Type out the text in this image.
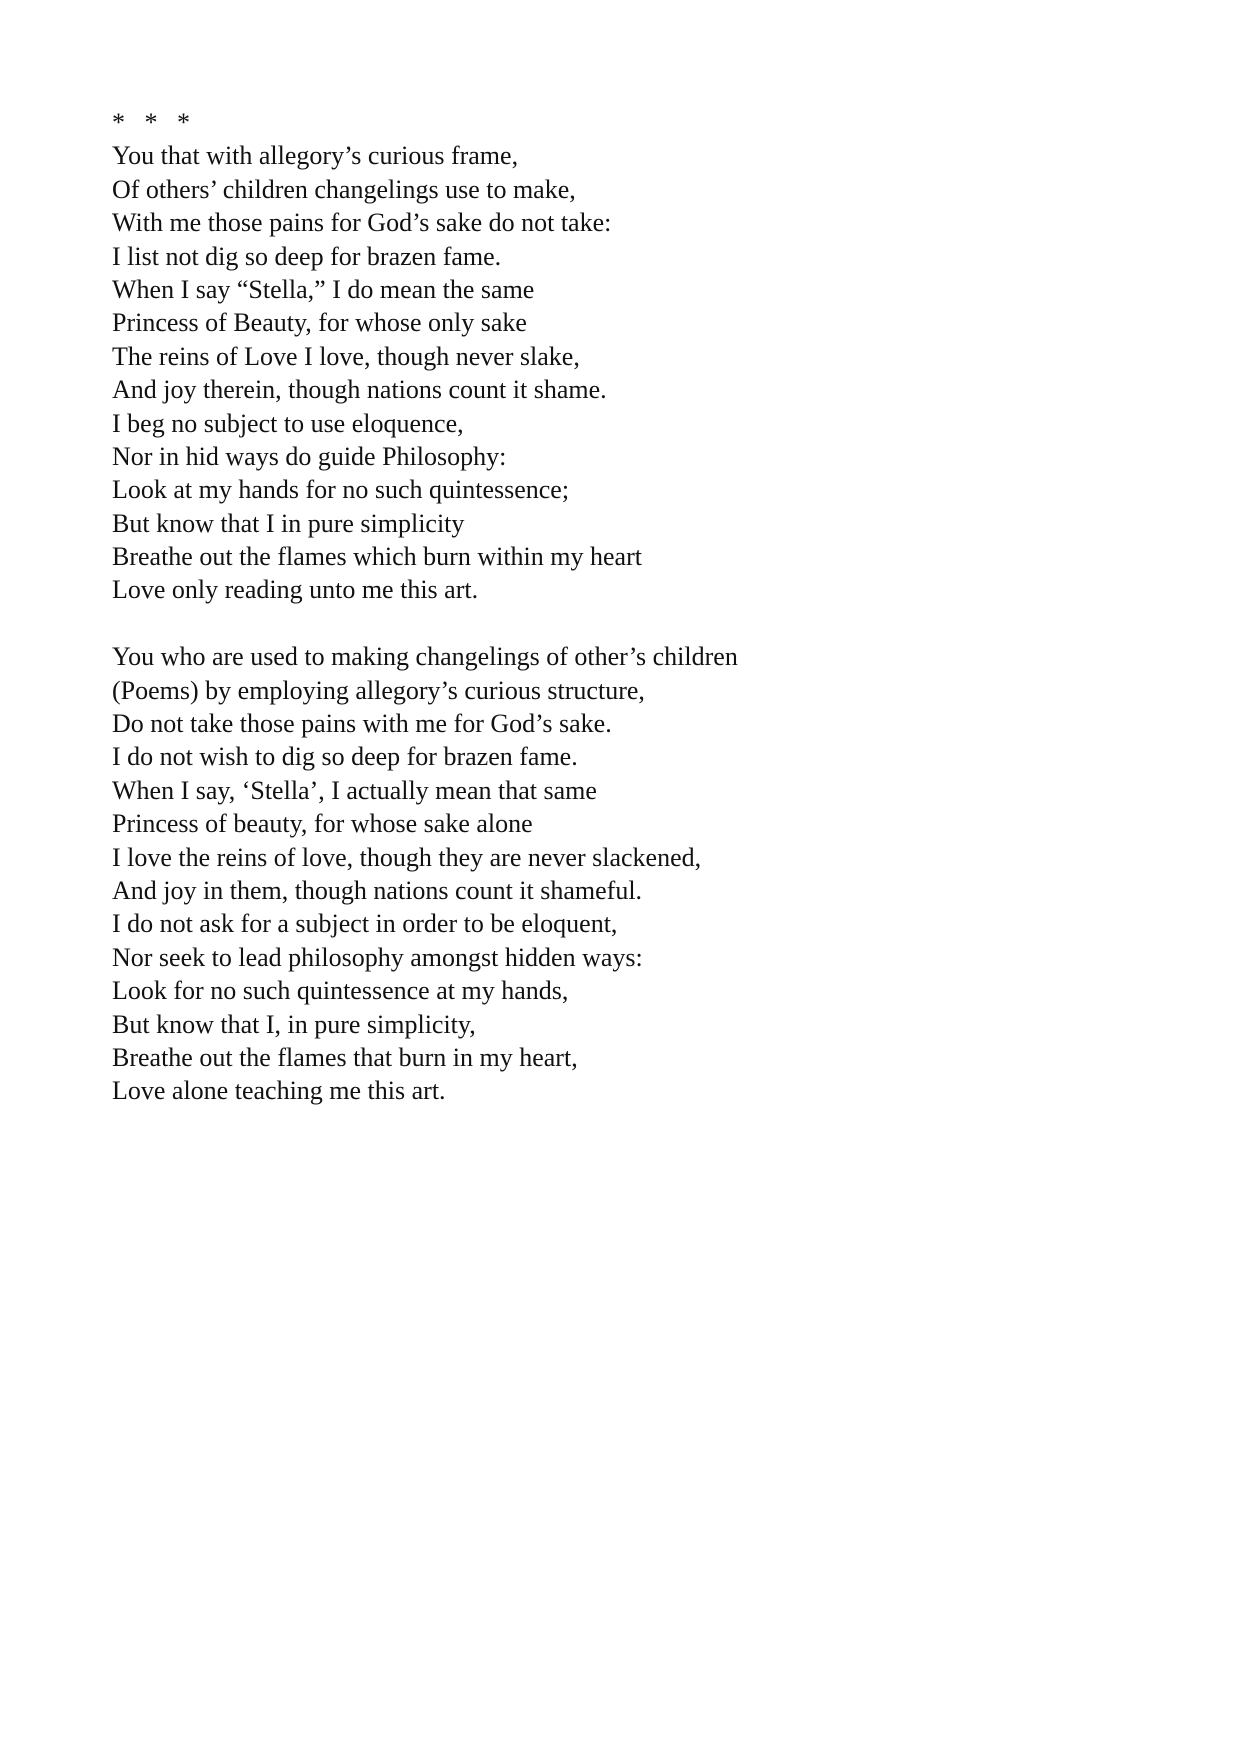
*   *   *
You that with allegory’s curious frame,
Of others’ children changelings use to make,
With me those pains for God’s sake do not take:
I list not dig so deep for brazen fame.
When I say “Stella,” I do mean the same
Princess of Beauty, for whose only sake
The reins of Love I love, though never slake,
And joy therein, though nations count it shame.
I beg no subject to use eloquence,
Nor in hid ways do guide Philosophy:
Look at my hands for no such quintessence;
But know that I in pure simplicity
Breathe out the flames which burn within my heart
Love only reading unto me this art.
You who are used to making changelings of other’s children
(Poems) by employing allegory’s curious structure,
Do not take those pains with me for God’s sake.
I do not wish to dig so deep for brazen fame.
When I say, ‘Stella’, I actually mean that same
Princess of beauty, for whose sake alone
I love the reins of love, though they are never slackened,
And joy in them, though nations count it shameful.
I do not ask for a subject in order to be eloquent,
Nor seek to lead philosophy amongst hidden ways:
Look for no such quintessence at my hands,
But know that I, in pure simplicity,
Breathe out the flames that burn in my heart,
Love alone teaching me this art.
